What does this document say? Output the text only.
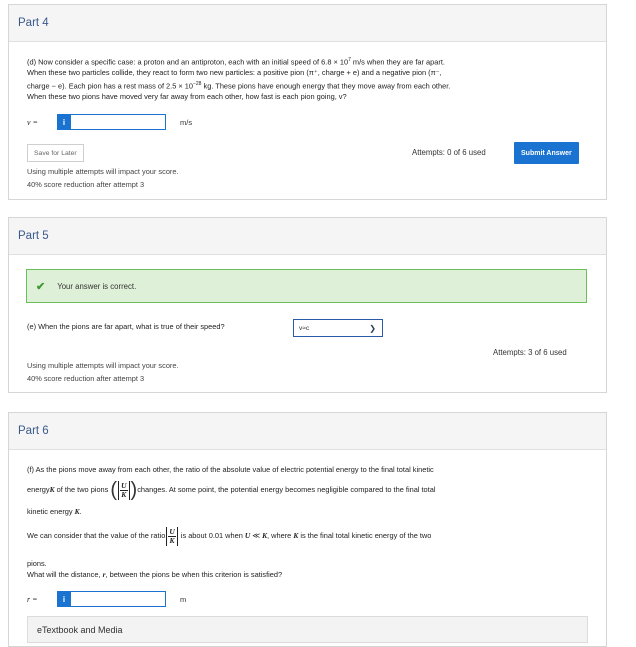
Part 4
(d) Now consider a specific case: a proton and an antiproton, each with an initial speed of $6.8 \times 10^7$ m/s when they are far apart.
When these two particles collide, they react to form two new particles: a positive pion (π⁺, charge + e) and a negative pion (π⁻,
charge − e). Each pion has a rest mass of $2.5 \times 10^{-28}$ kg. These pions have enough energy that they move away from each other.
When these two pions have moved very far away from each other, how fast is each pion going, v?
v =	i	m/s
Save for Later	Attempts: 0 of 6 used	Submit Answer
Using multiple attempts will impact your score.
40% score reduction after attempt 3
Part 5
✔ Your answer is correct.
(e) When the pions are far apart, what is true of their speed?	v≈c	❯
Attempts: 3 of 6 used
Using multiple attempts will impact your score.
40% score reduction after attempt 3
Part 6
(f) As the pions move away from each other, the ratio of the absolute value of electric potential energy to the final total kinetic
energy K of the two pions ( $\frac{U}{K}$ ) changes. At some point, the potential energy becomes negligible compared to the final total
kinetic energy K.
We can consider that the value of the ratio $\frac{U}{K}$ is about 0.01 when U ≪ K , where K is the final total kinetic energy of the two
pions.
What will the distance, r, between the pions be when this criterion is satisfied?
r =	i	m
eTextbook and Media
